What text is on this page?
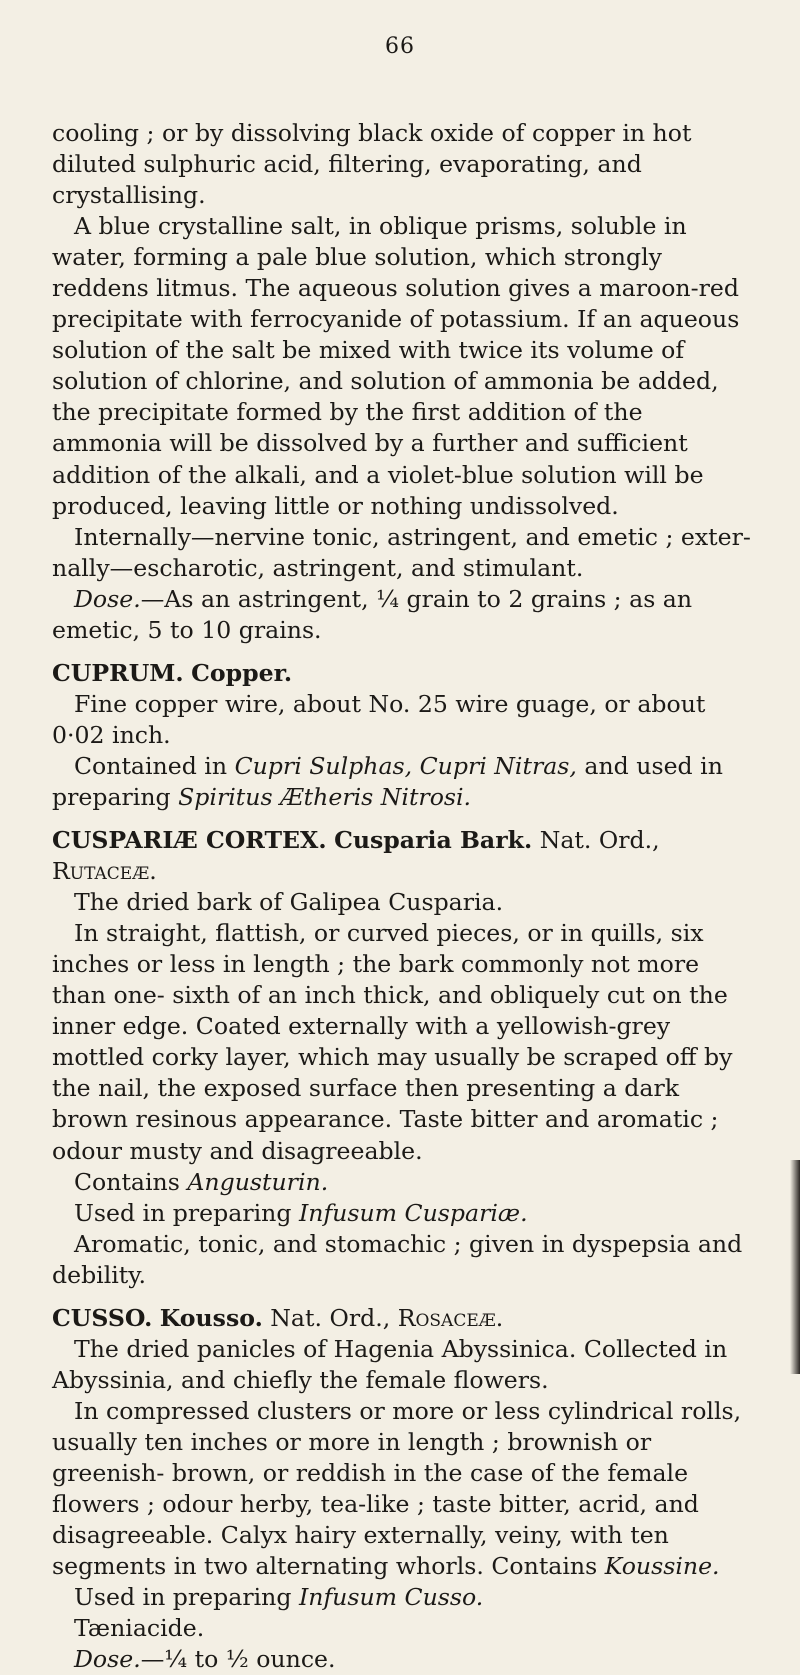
66

cooling ; or by dissolving black oxide of copper in hot diluted sulphuric acid, filtering, evaporating, and crystallising.

A blue crystalline salt, in oblique prisms, soluble in water, forming a pale blue solution, which strongly reddens litmus. The aqueous solution gives a maroon-red precipitate with ferrocyanide of potassium. If an aqueous solution of the salt be mixed with twice its volume of solution of chlorine, and solution of ammonia be added, the precipitate formed by the first addition of the ammonia will be dissolved by a further and sufficient addition of the alkali, and a violet-blue solution will be produced, leaving little or nothing undissolved.

Internally—nervine tonic, astringent, and emetic ; exter- nally—escharotic, astringent, and stimulant.

Dose.—As an astringent, ¼ grain to 2 grains ; as an emetic, 5 to 10 grains.

CUPRUM. Copper.

Fine copper wire, about No. 25 wire guage, or about 0·02 inch.

Contained in Cupri Sulphas, Cupri Nitras, and used in preparing Spiritus Ætheris Nitrosi.

CUSPARIÆ CORTEX. Cusparia Bark. Nat. Ord., Rutaceæ.

The dried bark of Galipea Cusparia.

In straight, flattish, or curved pieces, or in quills, six inches or less in length ; the bark commonly not more than one- sixth of an inch thick, and obliquely cut on the inner edge. Coated externally with a yellowish-grey mottled corky layer, which may usually be scraped off by the nail, the exposed surface then presenting a dark brown resinous appearance. Taste bitter and aromatic ; odour musty and disagreeable.

Contains Angusturin.

Used in preparing Infusum Cuspariæ.

Aromatic, tonic, and stomachic ; given in dyspepsia and debility.

CUSSO. Kousso. Nat. Ord., Rosaceæ.

The dried panicles of Hagenia Abyssinica. Collected in Abyssinia, and chiefly the female flowers.

In compressed clusters or more or less cylindrical rolls, usually ten inches or more in length ; brownish or greenish- brown, or reddish in the case of the female flowers ; odour herby, tea-like ; taste bitter, acrid, and disagreeable. Calyx hairy externally, veiny, with ten segments in two alternating whorls. Contains Koussine.

Used in preparing Infusum Cusso.

Tæniacide.

Dose.—¼ to ½ ounce.
